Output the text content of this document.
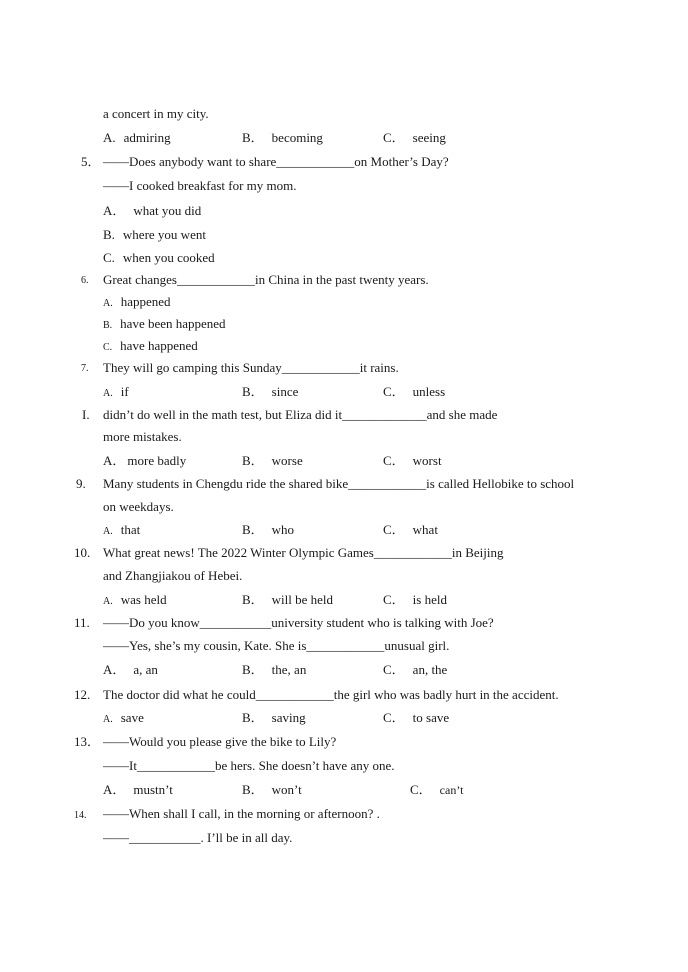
a concert in my city.
A. admiring	B． becoming	C． seeing
5． ——Does anybody want to share____________on Mother’s Day?
——I cooked breakfast for my mom.
A． what you did
B. where you went
C. when you cooked
6. Great changes____________in China in the past twenty years.
A. happened
B. have been happened
C. have happened
7. They will go camping this Sunday____________it rains.
A. if	B． since	C． unless
I. didn’t do well in the math test, but Eliza did it_____________and she made
more mistakes.
A． more badly	B． worse	C． worst
9. Many students in Chengdu ride the shared bike____________is called Hellobike to school
on weekdays.
A. that	B． who	C． what
10. What great news! The 2022 Winter Olympic Games____________in Beijing
and Zhangjiakou of Hebei.
A. was held	B． will be held	C． is held
11. ——Do you know___________university student who is talking with Joe?
——Yes, she’s my cousin, Kate. She is____________unusual girl.
A． a, an	B． the, an	C． an, the
12. The doctor did what he could____________the girl who was badly hurt in the accident.
A. save	B． saving	C． to save
13． ——Would you please give the bike to Lily?
——It____________be hers. She doesn’t have any one.
A． mustn’t	B． won’t	C． can’t
14. ——When shall I call, in the morning or afternoon? .
——___________. I’ll be in all day.
